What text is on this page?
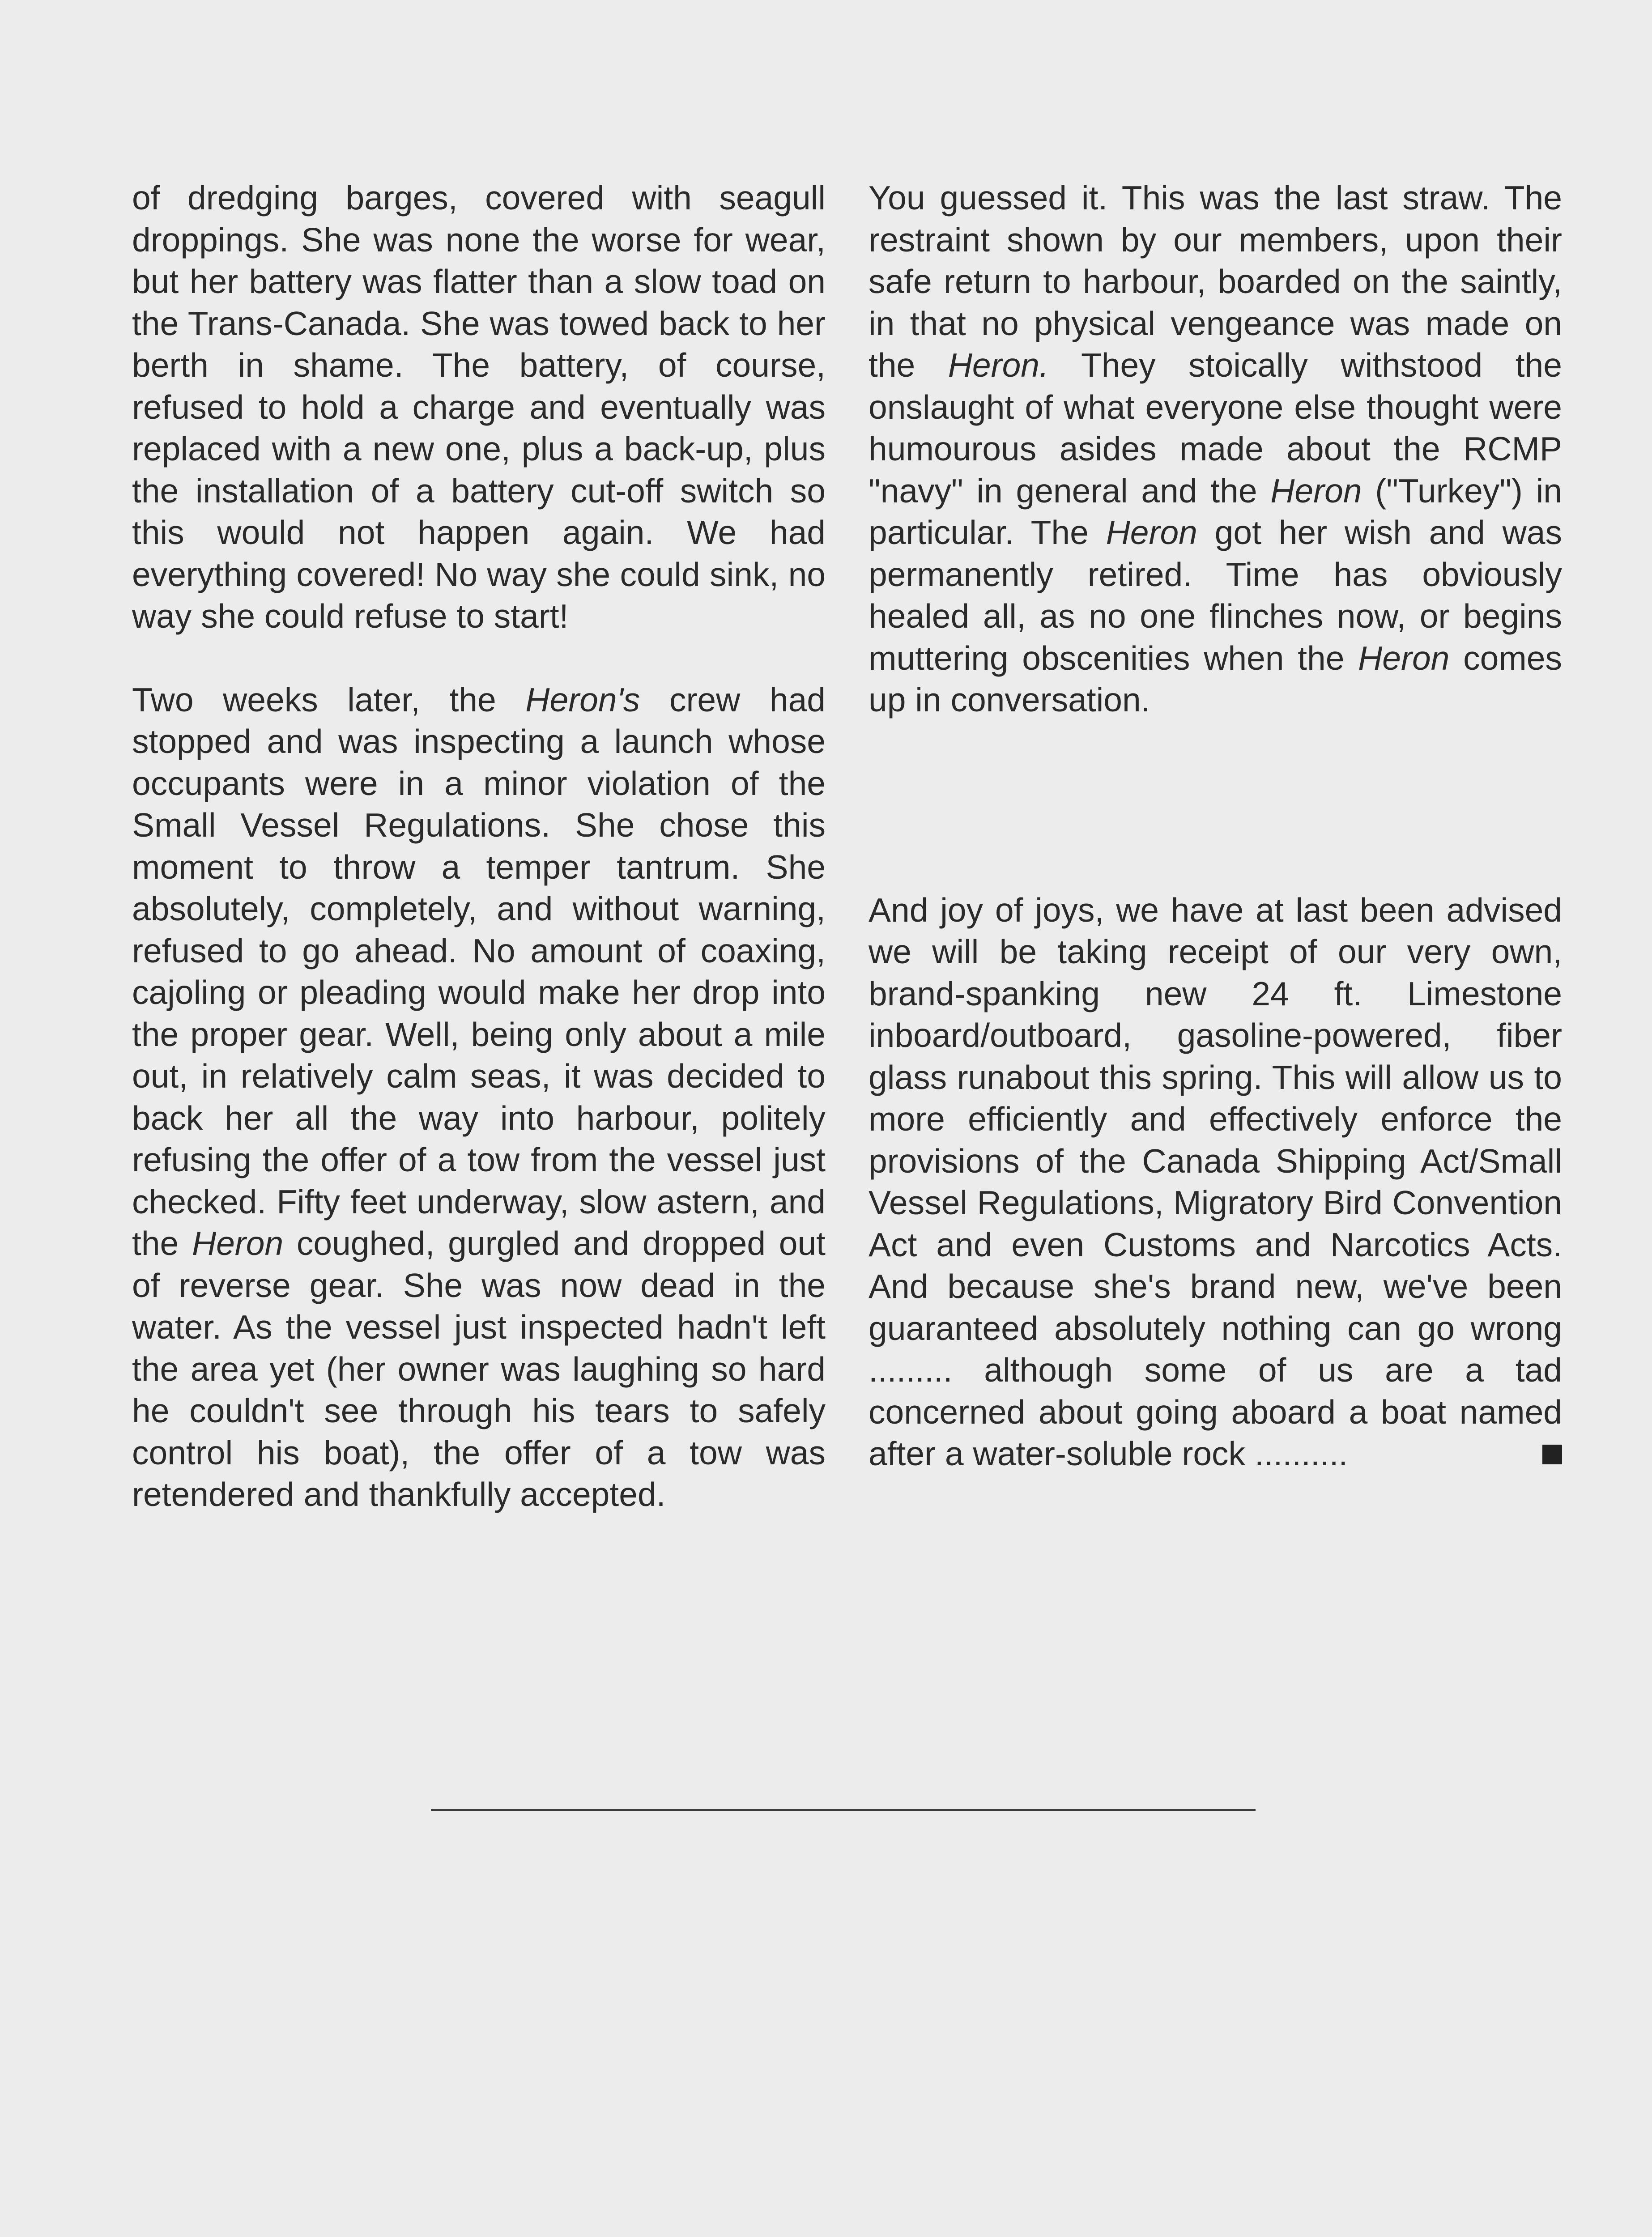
of dredging barges, covered with seagull droppings. She was none the worse for wear, but her battery was flatter than a slow toad on the Trans-Canada. She was towed back to her berth in shame. The battery, of course, refused to hold a charge and eventually was replaced with a new one, plus a back-up, plus the installation of a battery cut-off switch so this would not happen again. We had everything covered! No way she could sink, no way she could refuse to start!

Two weeks later, the Heron's crew had stopped and was inspecting a launch whose occupants were in a minor violation of the Small Vessel Regulations. She chose this moment to throw a temper tantrum. She absolutely, completely, and without warning, refused to go ahead. No amount of coaxing, cajoling or pleading would make her drop into the proper gear. Well, being only about a mile out, in relatively calm seas, it was decided to back her all the way into harbour, politely refusing the offer of a tow from the vessel just checked. Fifty feet underway, slow astern, and the Heron coughed, gurgled and dropped out of reverse gear. She was now dead in the water. As the vessel just inspected hadn't left the area yet (her owner was laughing so hard he couldn't see through his tears to safely control his boat), the offer of a tow was retendered and thankfully accepted.

You guessed it. This was the last straw. The restraint shown by our members, upon their safe return to harbour, boarded on the saintly, in that no physical vengeance was made on the Heron. They stoically withstood the onslaught of what everyone else thought were humourous asides made about the RCMP "navy" in general and the Heron ("Turkey") in particular. The Heron got her wish and was permanently retired. Time has obviously healed all, as no one flinches now, or begins muttering obscenities when the Heron comes up in conversation.

And joy of joys, we have at last been advised we will be taking receipt of our very own, brand-spanking new 24 ft. Limestone inboard/outboard, gasoline-powered, fiber glass runabout this spring. This will allow us to more efficiently and effectively enforce the provisions of the Canada Shipping Act/Small Vessel Regulations, Migratory Bird Convention Act and even Customs and Narcotics Acts. And because she's brand new, we've been guaranteed absolutely nothing can go wrong ......... although some of us are a tad concerned about going aboard a boat named after a water-soluble rock ..........
